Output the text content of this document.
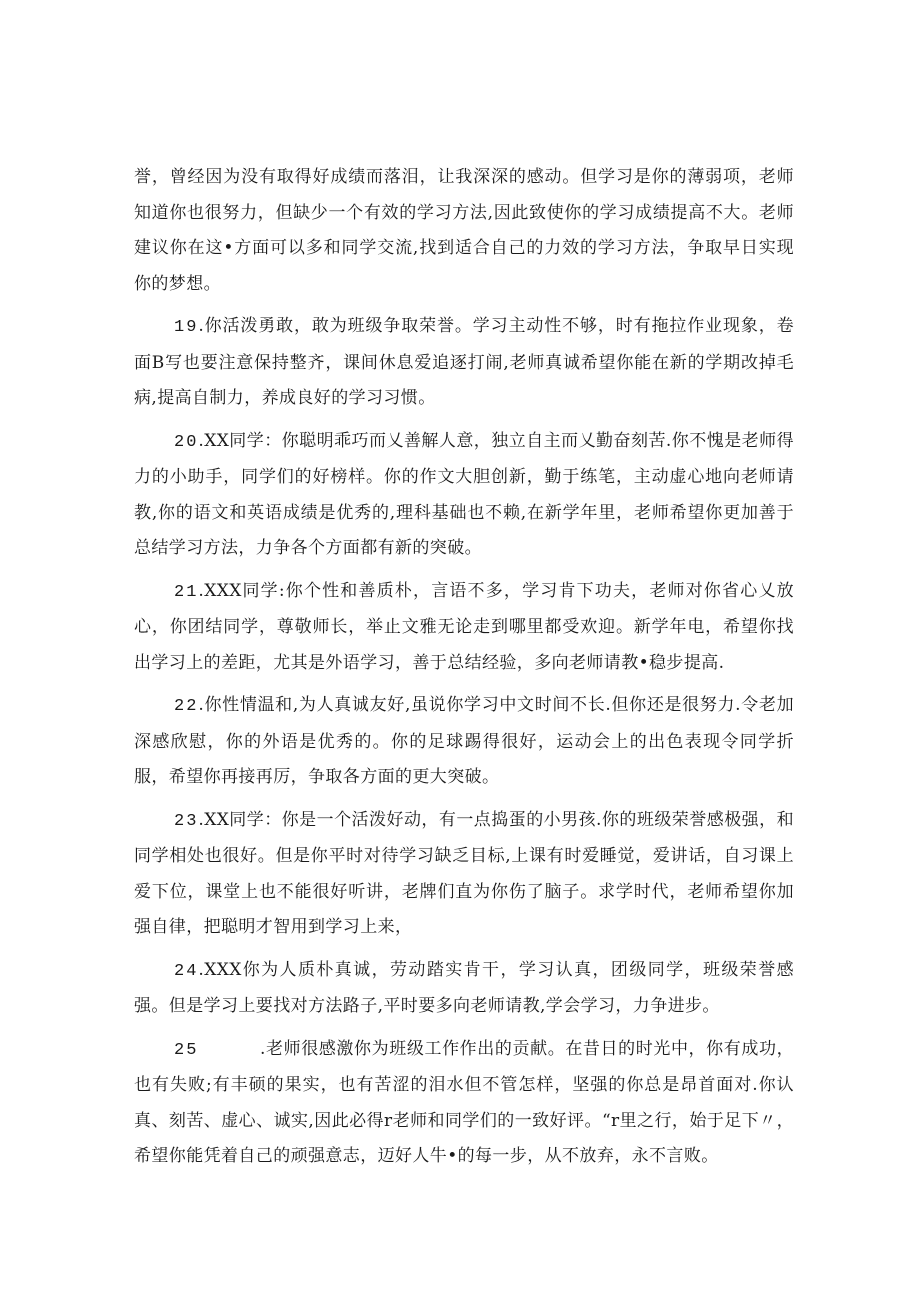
誉，曾经因为没有取得好成绩而落泪，让我深深的感动。但学习是你的薄弱项，老师知道你也很努力，但缺少一个有效的学习方法,因此致使你的学习成绩提高不大。老师建议你在这•方面可以多和同学交流,找到适合自己的力效的学习方法，争取早日实现你的梦想。

19.你活泼勇敢，敢为班级争取荣誉。学习主动性不够，时有拖拉作业现象，卷面B写也要注意保持整齐，课间休息爱追逐打闹,老师真诚希望你能在新的学期改掉毛病,提高自制力，养成良好的学习习惯。

20.XX同学：你聪明乖巧而乂善解人意，独立自主而乂勤奋刻苦.你不愧是老师得力的小助手，同学们的好榜样。你的作文大胆创新，勤于练笔，主动虚心地向老师请教,你的语文和英语成绩是优秀的,理科基础也不赖,在新学年里，老师希望你更加善于总结学习方法，力争各个方面都有新的突破。

21.XXX同学:你个性和善质朴，言语不多，学习肯下功夫，老师对你省心乂放心，你团结同学，尊敬师长，举止文雅无论走到哪里都受欢迎。新学年电，希望你找出学习上的差距，尤其是外语学习，善于总结经验，多向老师请教•稳步提高.

22.你性情温和,为人真诚友好,虽说你学习中文时间不长.但你还是很努力.令老加深感欣慰，你的外语是优秀的。你的足球踢得很好，运动会上的出色表现令同学折服，希望你再接再厉，争取各方面的更大突破。

23.XX同学：你是一个活泼好动，有一点捣蛋的小男孩.你的班级荣誉感极强，和同学相处也很好。但是你平时对待学习缺乏目标,上课有时爱睡觉，爱讲话，自习课上爱下位，课堂上也不能很好听讲，老牌们直为你伤了脑子。求学时代，老师希望你加强自律，把聪明才智用到学习上来，

24.XXX你为人质朴真诚，劳动踏实肯干，学习认真，团级同学，班级荣誉感强。但是学习上要找对方法路子,平时要多向老师请教,学会学习，力争进步。

25	.老师很感激你为班级工作作出的贡献。在昔日的时光中，你有成功，也有失败;有丰硕的果实，也有苦涩的泪水但不管怎样，坚强的你总是昂首面对.你认真、刻苦、虚心、诚实,因此必得r老师和同学们的一致好评。“r里之行，始于足下〃，希望你能凭着自己的顽强意志，迈好人牛•的每一步，从不放弃，永不言败。
